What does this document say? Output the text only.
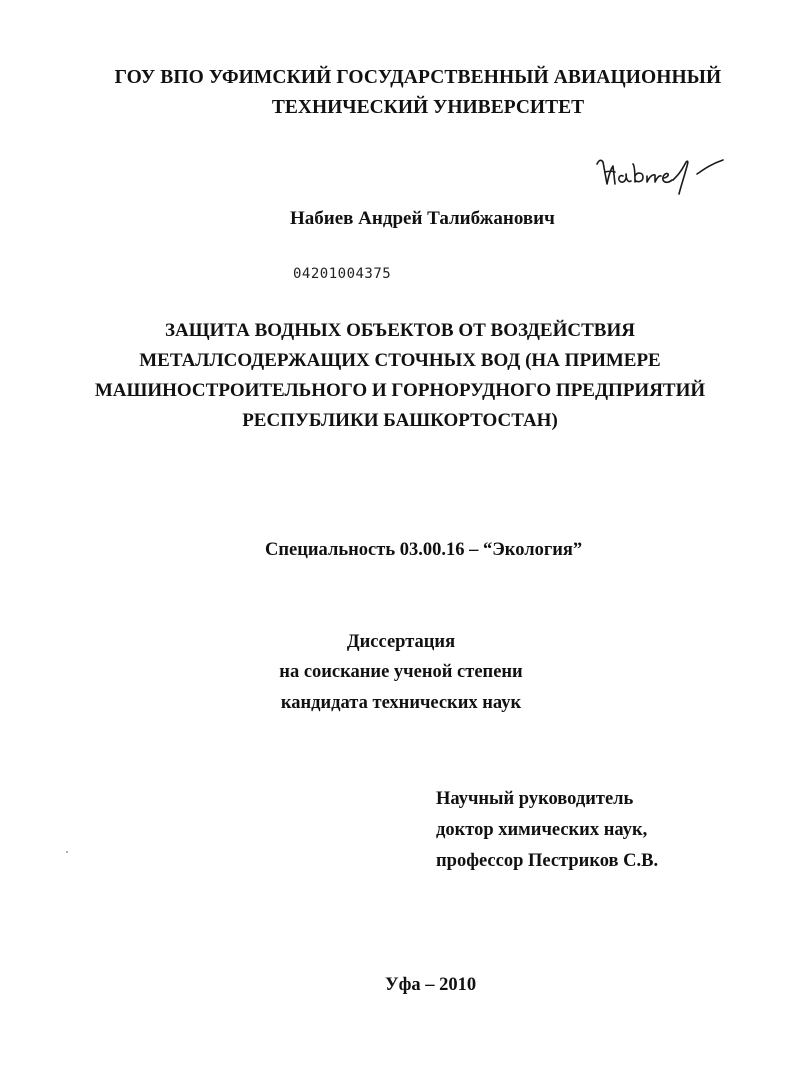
ГОУ ВПО УФИМСКИЙ ГОСУДАРСТВЕННЫЙ АВИАЦИОННЫЙ
ТЕХНИЧЕСКИЙ УНИВЕРСИТЕТ
Набиев Андрей Талибжанович
04201004375
ЗАЩИТА ВОДНЫХ ОБЪЕКТОВ ОТ ВОЗДЕЙСТВИЯ
МЕТАЛЛСОДЕРЖАЩИХ СТОЧНЫХ ВОД (НА ПРИМЕРЕ
МАШИНОСТРОИТЕЛЬНОГО И ГОРНОРУДНОГО ПРЕДПРИЯТИЙ
РЕСПУБЛИКИ БАШКОРТОСТАН)
Специальность 03.00.16 – “Экология”
Диссертация
на соискание ученой степени
кандидата технических наук
Научный руководитель
доктор химических наук,
профессор Пестриков С.В.
Уфа – 2010
